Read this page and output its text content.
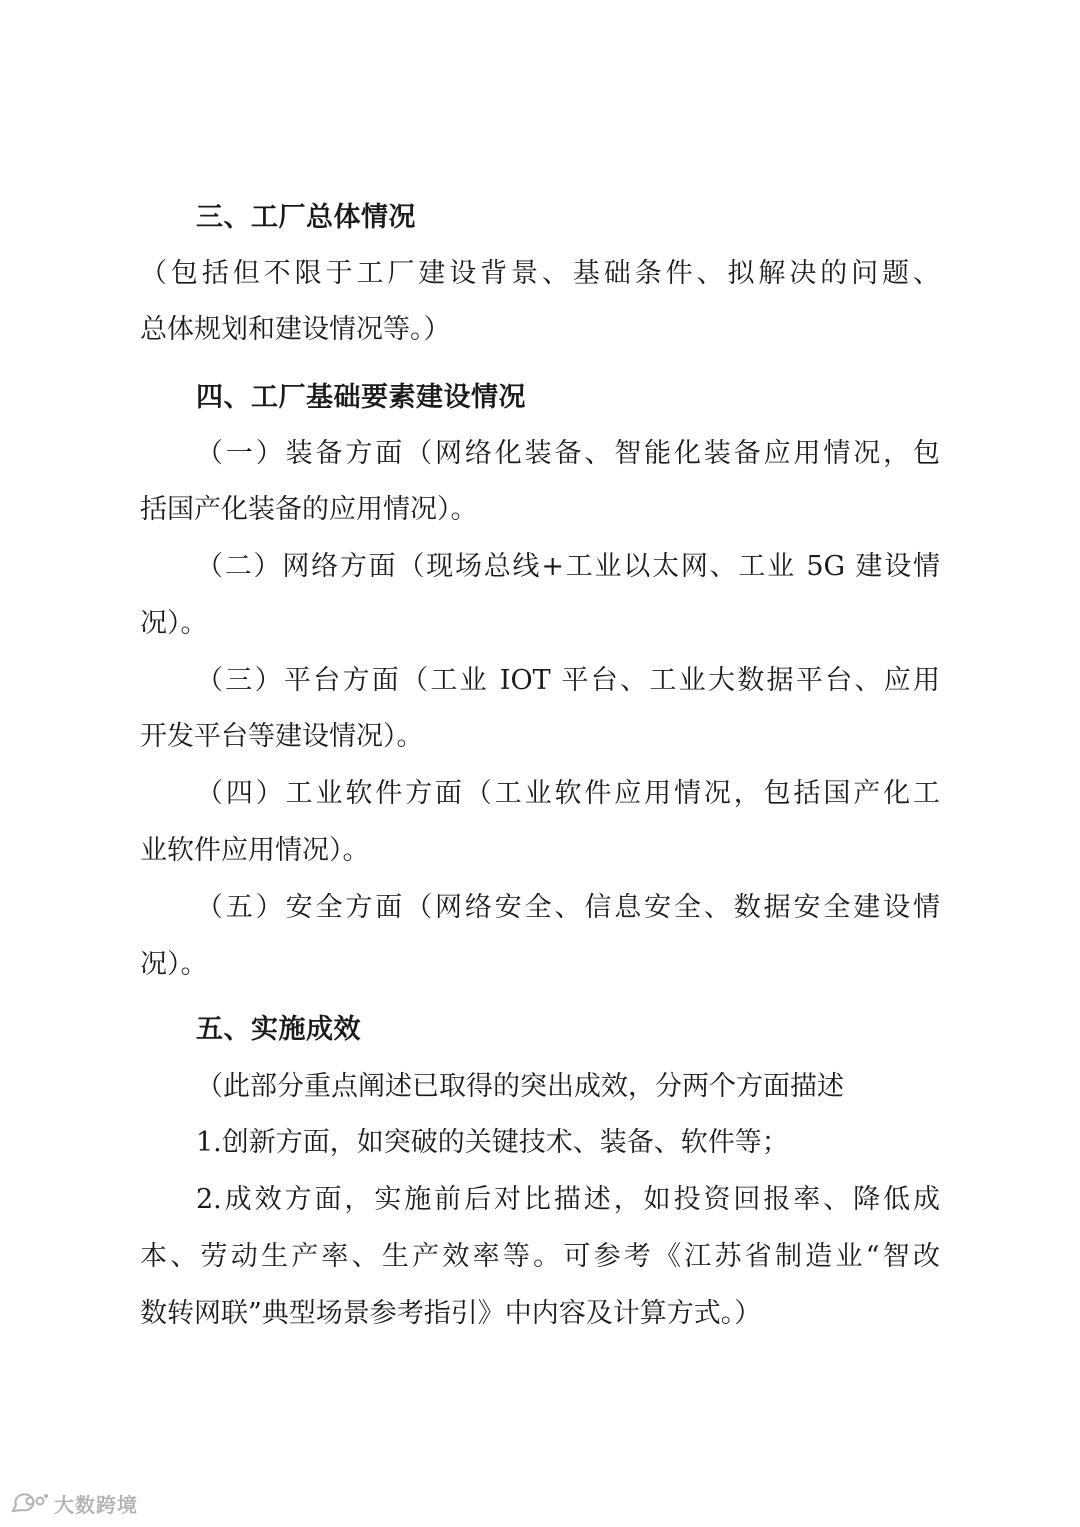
三、工厂总体情况
（包括但不限于工厂建设背景、基础条件、拟解决的问题、
总体规划和建设情况等。）
四、工厂基础要素建设情况
（一）装备方面（网络化装备、智能化装备应用情况，包
括国产化装备的应用情况）。
（二）网络方面（现场总线+工业以太网、工业 5G 建设情
况）。
（三）平台方面（工业 IOT 平台、工业大数据平台、应用
开发平台等建设情况）。
（四）工业软件方面（工业软件应用情况，包括国产化工
业软件应用情况）。
（五）安全方面（网络安全、信息安全、数据安全建设情
况）。
五、实施成效
（此部分重点阐述已取得的突出成效，分两个方面描述
1.创新方面，如突破的关键技术、装备、软件等；
2.成效方面，实施前后对比描述，如投资回报率、降低成
本、劳动生产率、生产效率等。可参考《江苏省制造业“智改
数转网联”典型场景参考指引》中内容及计算方式。）
大数跨境
